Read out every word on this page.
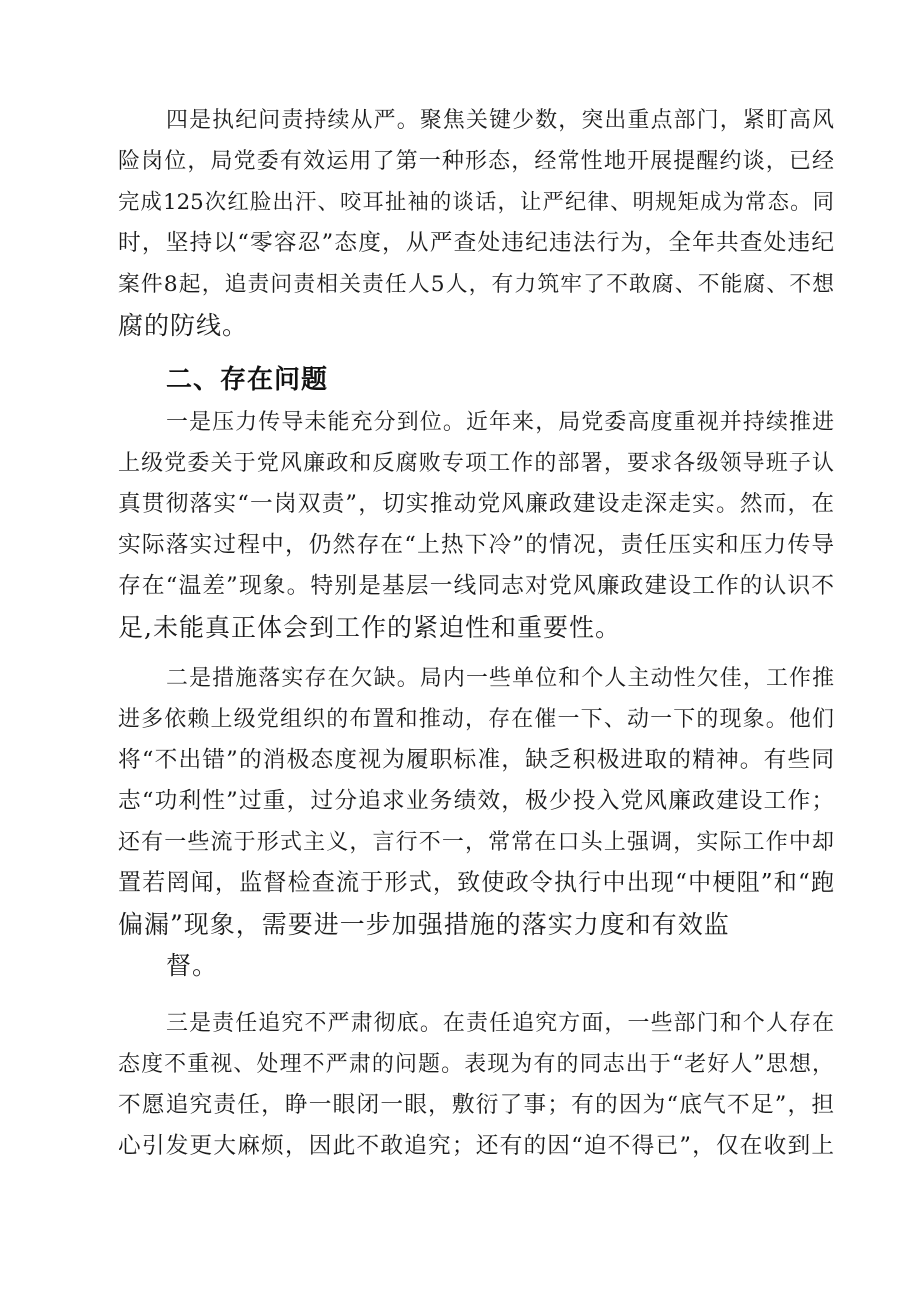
四是执纪问责持续从严。聚焦关键少数，突出重点部门，紧盯高风
险岗位，局党委有效运用了第一种形态，经常性地开展提醒约谈，已经
完成125次红脸出汗、咬耳扯袖的谈话，让严纪律、明规矩成为常态。同
时，坚持以“零容忍”态度，从严查处违纪违法行为，全年共查处违纪
案件8起，追责问责相关责任人5人，有力筑牢了不敢腐、不能腐、不想
腐的防线。
二、存在问题
一是压力传导未能充分到位。近年来，局党委高度重视并持续推进
上级党委关于党风廉政和反腐败专项工作的部署，要求各级领导班子认
真贯彻落实“一岗双责”，切实推动党风廉政建设走深走实。然而，在
实际落实过程中，仍然存在“上热下冷”的情况，责任压实和压力传导
存在“温差”现象。特别是基层一线同志对党风廉政建设工作的认识不
足,未能真正体会到工作的紧迫性和重要性。
二是措施落实存在欠缺。局内一些单位和个人主动性欠佳，工作推
进多依赖上级党组织的布置和推动，存在催一下、动一下的现象。他们
将“不出错”的消极态度视为履职标准，缺乏积极进取的精神。有些同
志“功利性”过重，过分追求业务绩效，极少投入党风廉政建设工作；
还有一些流于形式主义，言行不一，常常在口头上强调，实际工作中却
置若罔闻，监督检查流于形式，致使政令执行中出现“中梗阻”和“跑
偏漏”现象，需要进一步加强措施的落实力度和有效监
督。
三是责任追究不严肃彻底。在责任追究方面，一些部门和个人存在
态度不重视、处理不严肃的问题。表现为有的同志出于“老好人”思想，
不愿追究责任，睁一眼闭一眼，敷衍了事；有的因为“底气不足”，担
心引发更大麻烦，因此不敢追究；还有的因“迫不得已”，仅在收到上
